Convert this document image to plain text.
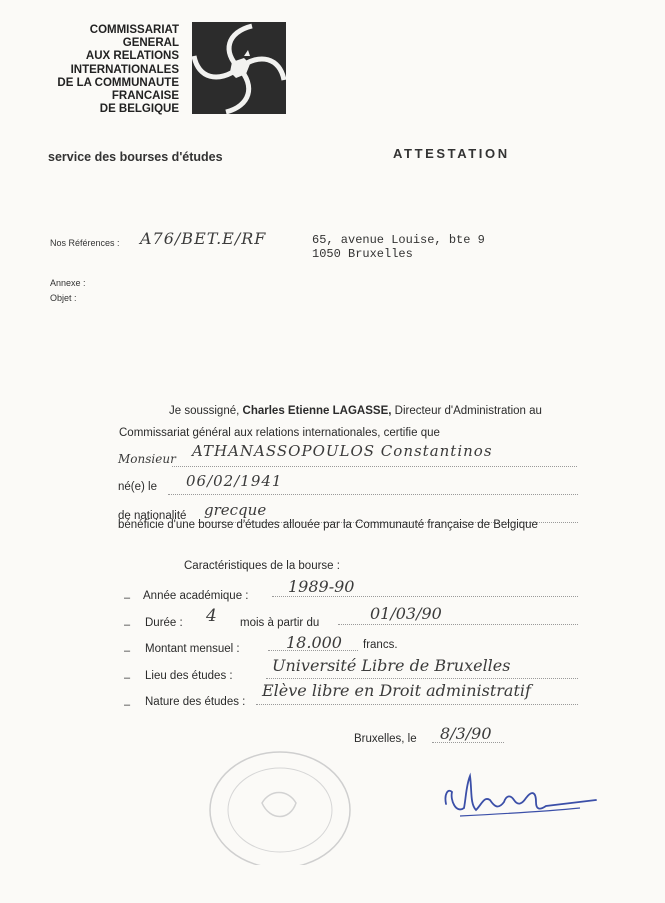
COMMISSARIAT
GENERAL
AUX RELATIONS
INTERNATIONALES
DE LA COMMUNAUTE
FRANCAISE
DE BELGIQUE
service des bourses d'études	ATTESTATION
Nos Références : A76/BET.E/RF	65, avenue Louise, bte 9
1050 Bruxelles
Annexe :
Objet :
Je soussigné, Charles Etienne LAGASSE, Directeur d'Administration au
Commissariat général aux relations internationales, certifie que
Monsieur ATHANASSOPOULOS Constantinos
né(e) le 06/02/1941
de nationalité grecque
bénéficie d'une bourse d'études allouée par la Communauté française de Belgique
Caractéristiques de la bourse :
– Année académique : 1989-90
– Durée : 4 mois à partir du	01/03/90
– Montant mensuel :	18.000 francs.
– Lieu des études :
Université Libre de Bruxelles
– Nature des études :
Elève libre en Droit administratif
Bruxelles, le 8/3/90
